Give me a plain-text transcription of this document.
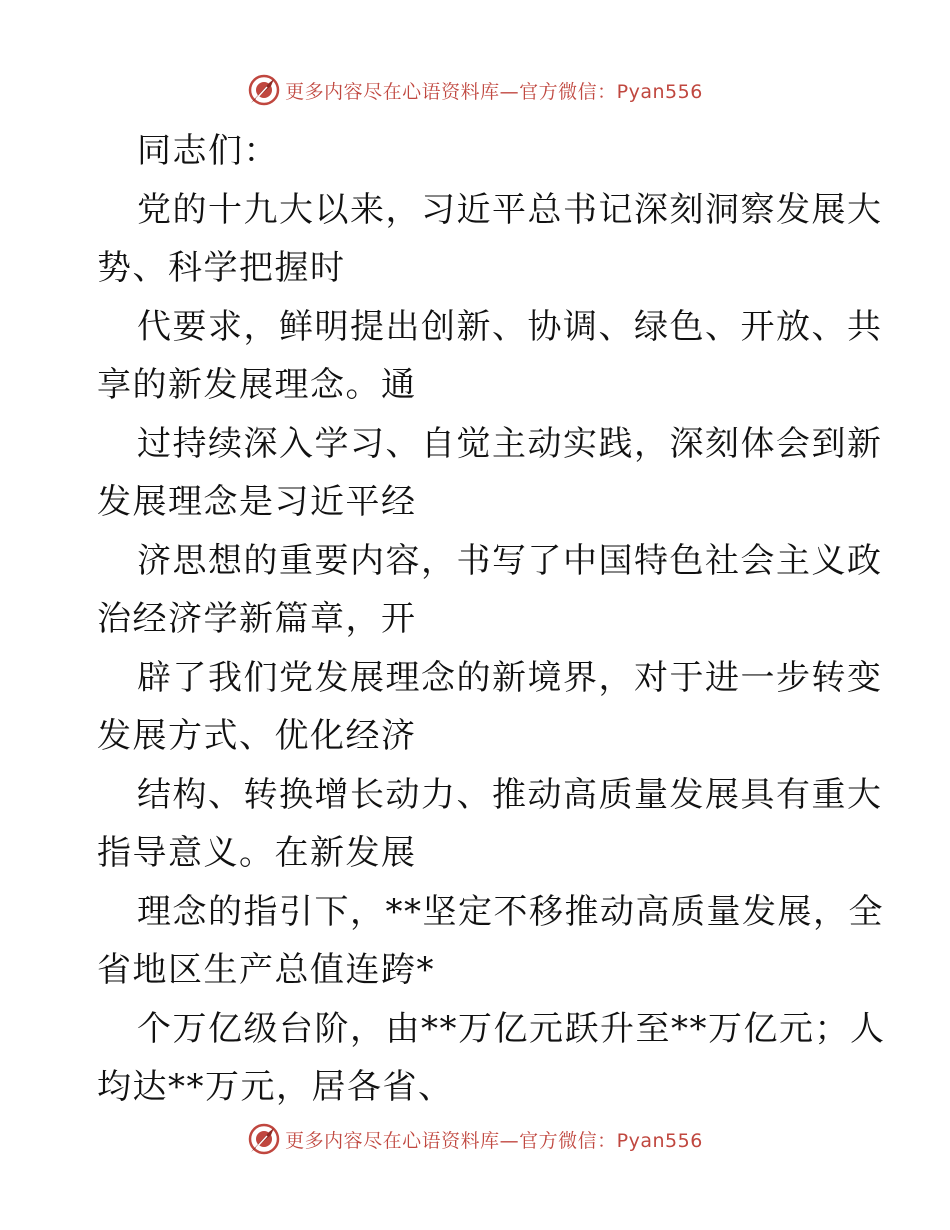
更多内容尽在心语资料库—官方微信：Pyan556
同志们：
党的十九大以来，习近平总书记深刻洞察发展大
势、科学把握时
代要求，鲜明提出创新、协调、绿色、开放、共
享的新发展理念。通
过持续深入学习、自觉主动实践，深刻体会到新
发展理念是习近平经
济思想的重要内容，书写了中国特色社会主义政
治经济学新篇章，开
辟了我们党发展理念的新境界，对于进一步转变
发展方式、优化经济
结构、转换增长动力、推动高质量发展具有重大
指导意义。在新发展
理念的指引下，**坚定不移推动高质量发展，全
省地区生产总值连跨*
个万亿级台阶，由**万亿元跃升至**万亿元；人
均达**万元，居各省、
更多内容尽在心语资料库—官方微信：Pyan556
